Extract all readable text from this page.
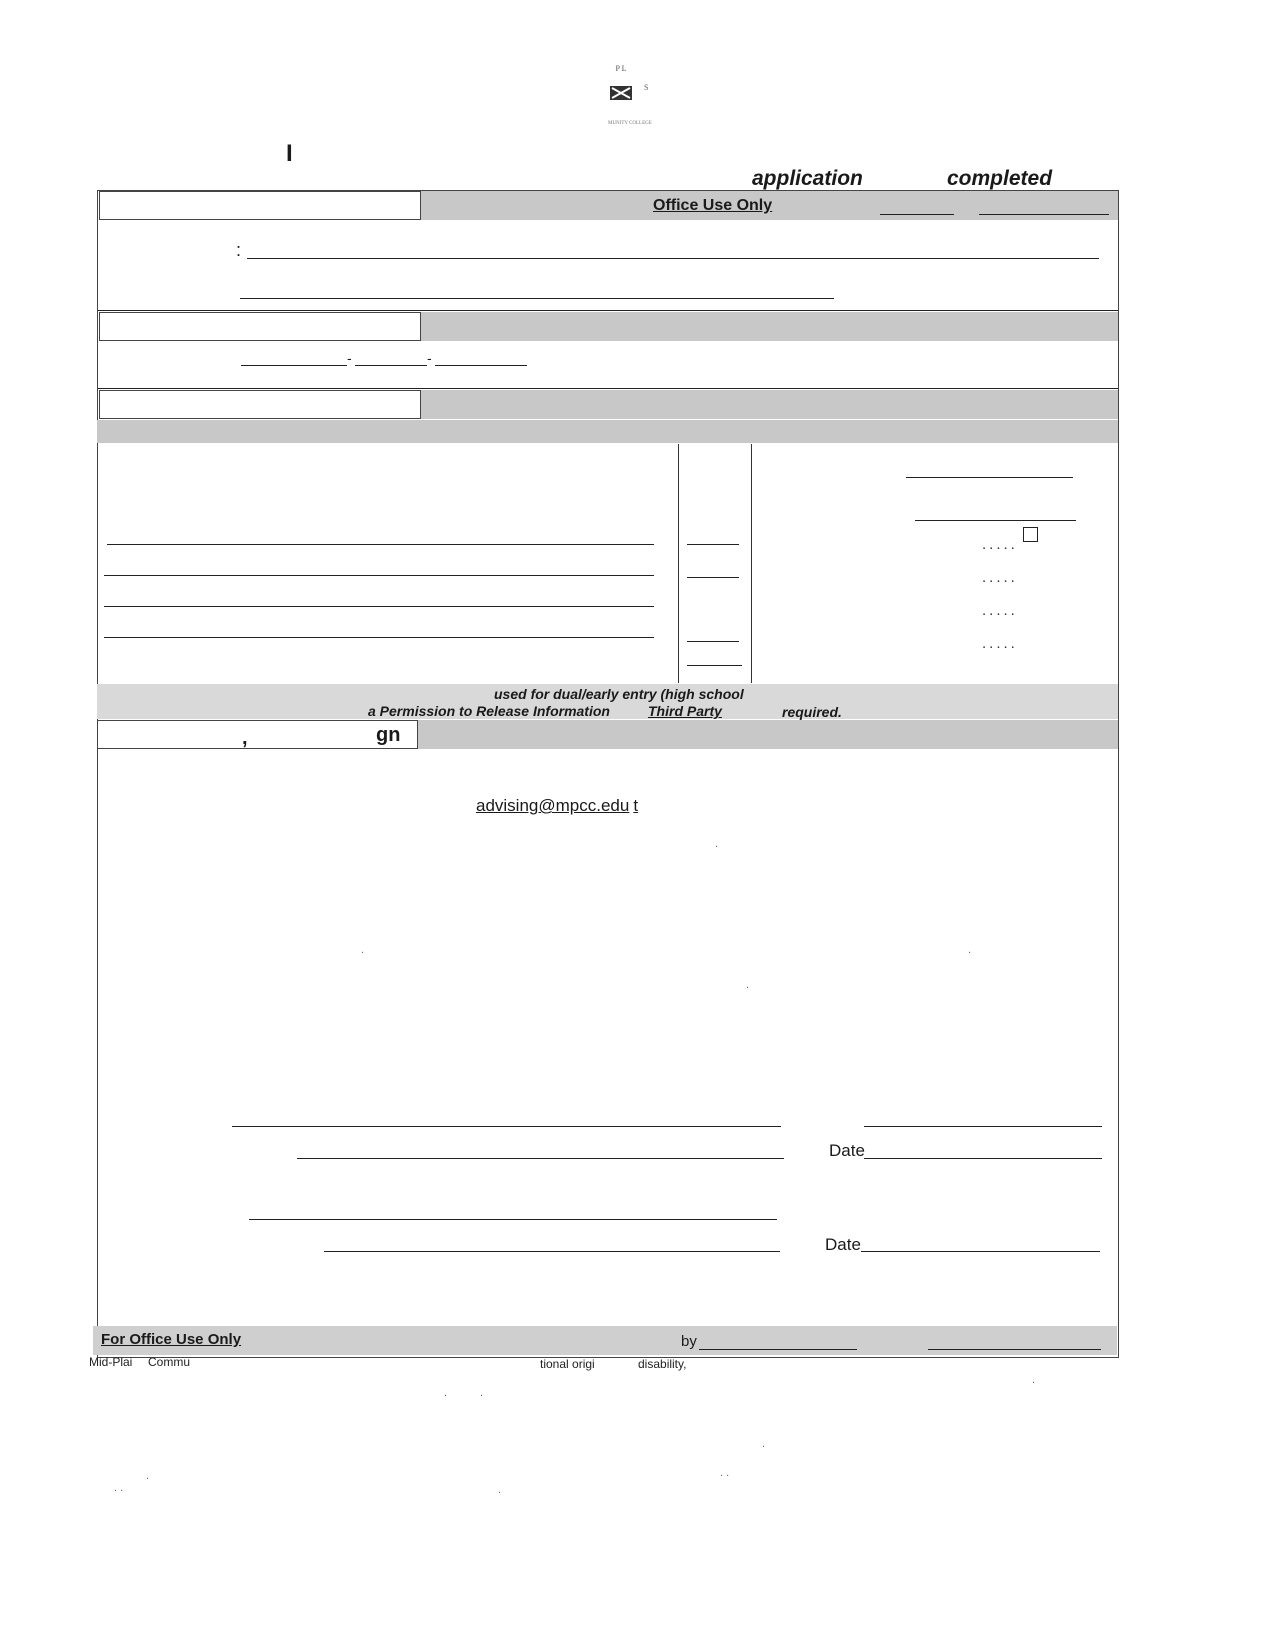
P L
S
MUNITY COLLEGE
I
application	completed
Office Use Only
:
-	-
.....
.....
.....
.....
used for dual/early entry (high school
a Permission to Release Information	Third Party	required.
,	gn
advising@mpcc.edu t
Date
Date
For Office Use Only	by
Mid-Plai Commu	tional origi	disability,
.
.	.
.
.	.
.
.
. .
.
. .	.
